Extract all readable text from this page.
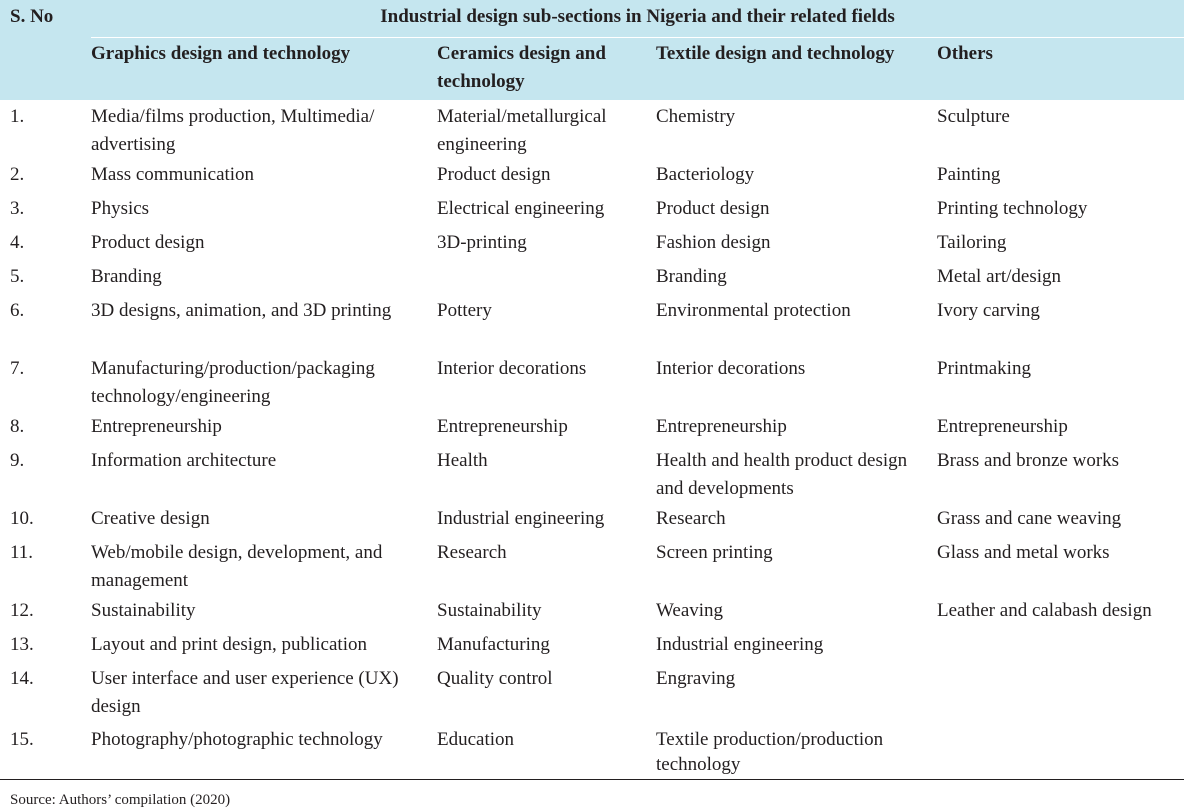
S. No	Industrial design sub-sections in Nigeria and their related fields			
	Graphics design and technology	Ceramics design and technology	Textile design and technology	Others
1.	Media/films production, Multimedia/ advertising	Material/metallurgical engineering	Chemistry	Sculpture
2.	Mass communication	Product design	Bacteriology	Painting
3.	Physics	Electrical engineering	Product design	Printing technology
4.	Product design	3D-printing	Fashion design	Tailoring
5.	Branding		Branding	Metal art/design
6.	3D designs, animation, and 3D printing	Pottery	Environmental protection	Ivory carving
7.	Manufacturing/production/packaging technology/engineering	Interior decorations	Interior decorations	Printmaking
8.	Entrepreneurship	Entrepreneurship	Entrepreneurship	Entrepreneurship
9.	Information architecture	Health	Health and health product design and developments	Brass and bronze works
10.	Creative design	Industrial engineering	Research	Grass and cane weaving
11.	Web/mobile design, development, and management	Research	Screen printing	Glass and metal works
12.	Sustainability	Sustainability	Weaving	Leather and calabash design
13.	Layout and print design, publication	Manufacturing	Industrial engineering	
14.	User interface and user experience (UX) design	Quality control	Engraving	
15.	Photography/photographic technology	Education	Textile production/production technology	
Source: Authors’ compilation (2020)
